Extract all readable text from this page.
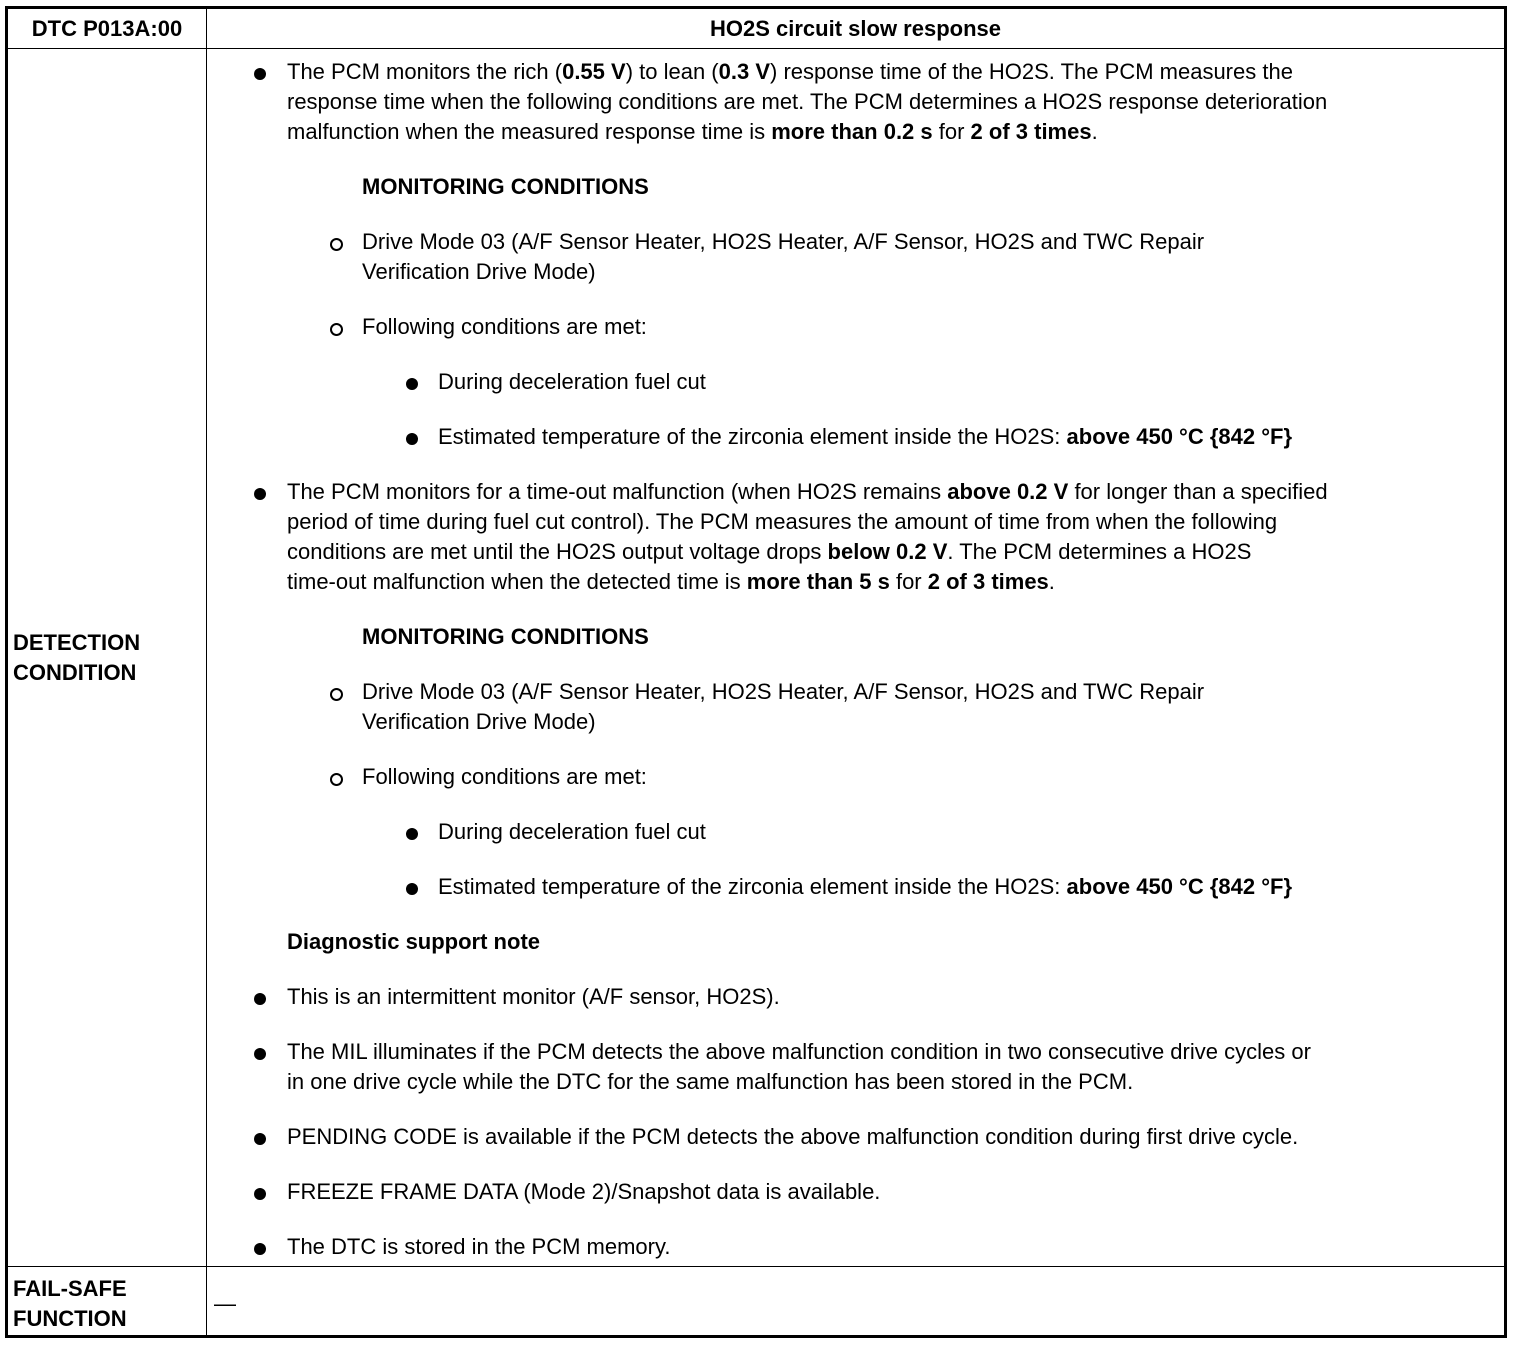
DTC P013A:00	HO2S circuit slow response
DETECTION
CONDITION
FAIL-SAFE
FUNCTION
—

The PCM monitors the rich (0.55 V) to lean (0.3 V) response time of the HO2S. The PCM measures the

response time when the following conditions are met. The PCM determines a HO2S response deterioration

malfunction when the measured response time is more than 0.2 s for 2 of 3 times.

MONITORING CONDITIONS

Drive Mode 03 (A/F Sensor Heater, HO2S Heater, A/F Sensor, HO2S and TWC Repair

Verification Drive Mode)

Following conditions are met:
During deceleration fuel cut
Estimated temperature of the zirconia element inside the HO2S: above 450 °C {842 °F}

The PCM monitors for a time-out malfunction (when HO2S remains above 0.2 V for longer than a specified

period of time during fuel cut control). The PCM measures the amount of time from when the following

conditions are met until the HO2S output voltage drops below 0.2 V. The PCM determines a HO2S

time-out malfunction when the detected time is more than 5 s for 2 of 3 times.

MONITORING CONDITIONS

Drive Mode 03 (A/F Sensor Heater, HO2S Heater, A/F Sensor, HO2S and TWC Repair

Verification Drive Mode)

Following conditions are met:
During deceleration fuel cut
Estimated temperature of the zirconia element inside the HO2S: above 450 °C {842 °F}
Diagnostic support note
This is an intermittent monitor (A/F sensor, HO2S).

The MIL illuminates if the PCM detects the above malfunction condition in two consecutive drive cycles or

in one drive cycle while the DTC for the same malfunction has been stored in the PCM.

PENDING CODE is available if the PCM detects the above malfunction condition during first drive cycle.
FREEZE FRAME DATA (Mode 2)/Snapshot data is available.
The DTC is stored in the PCM memory.
